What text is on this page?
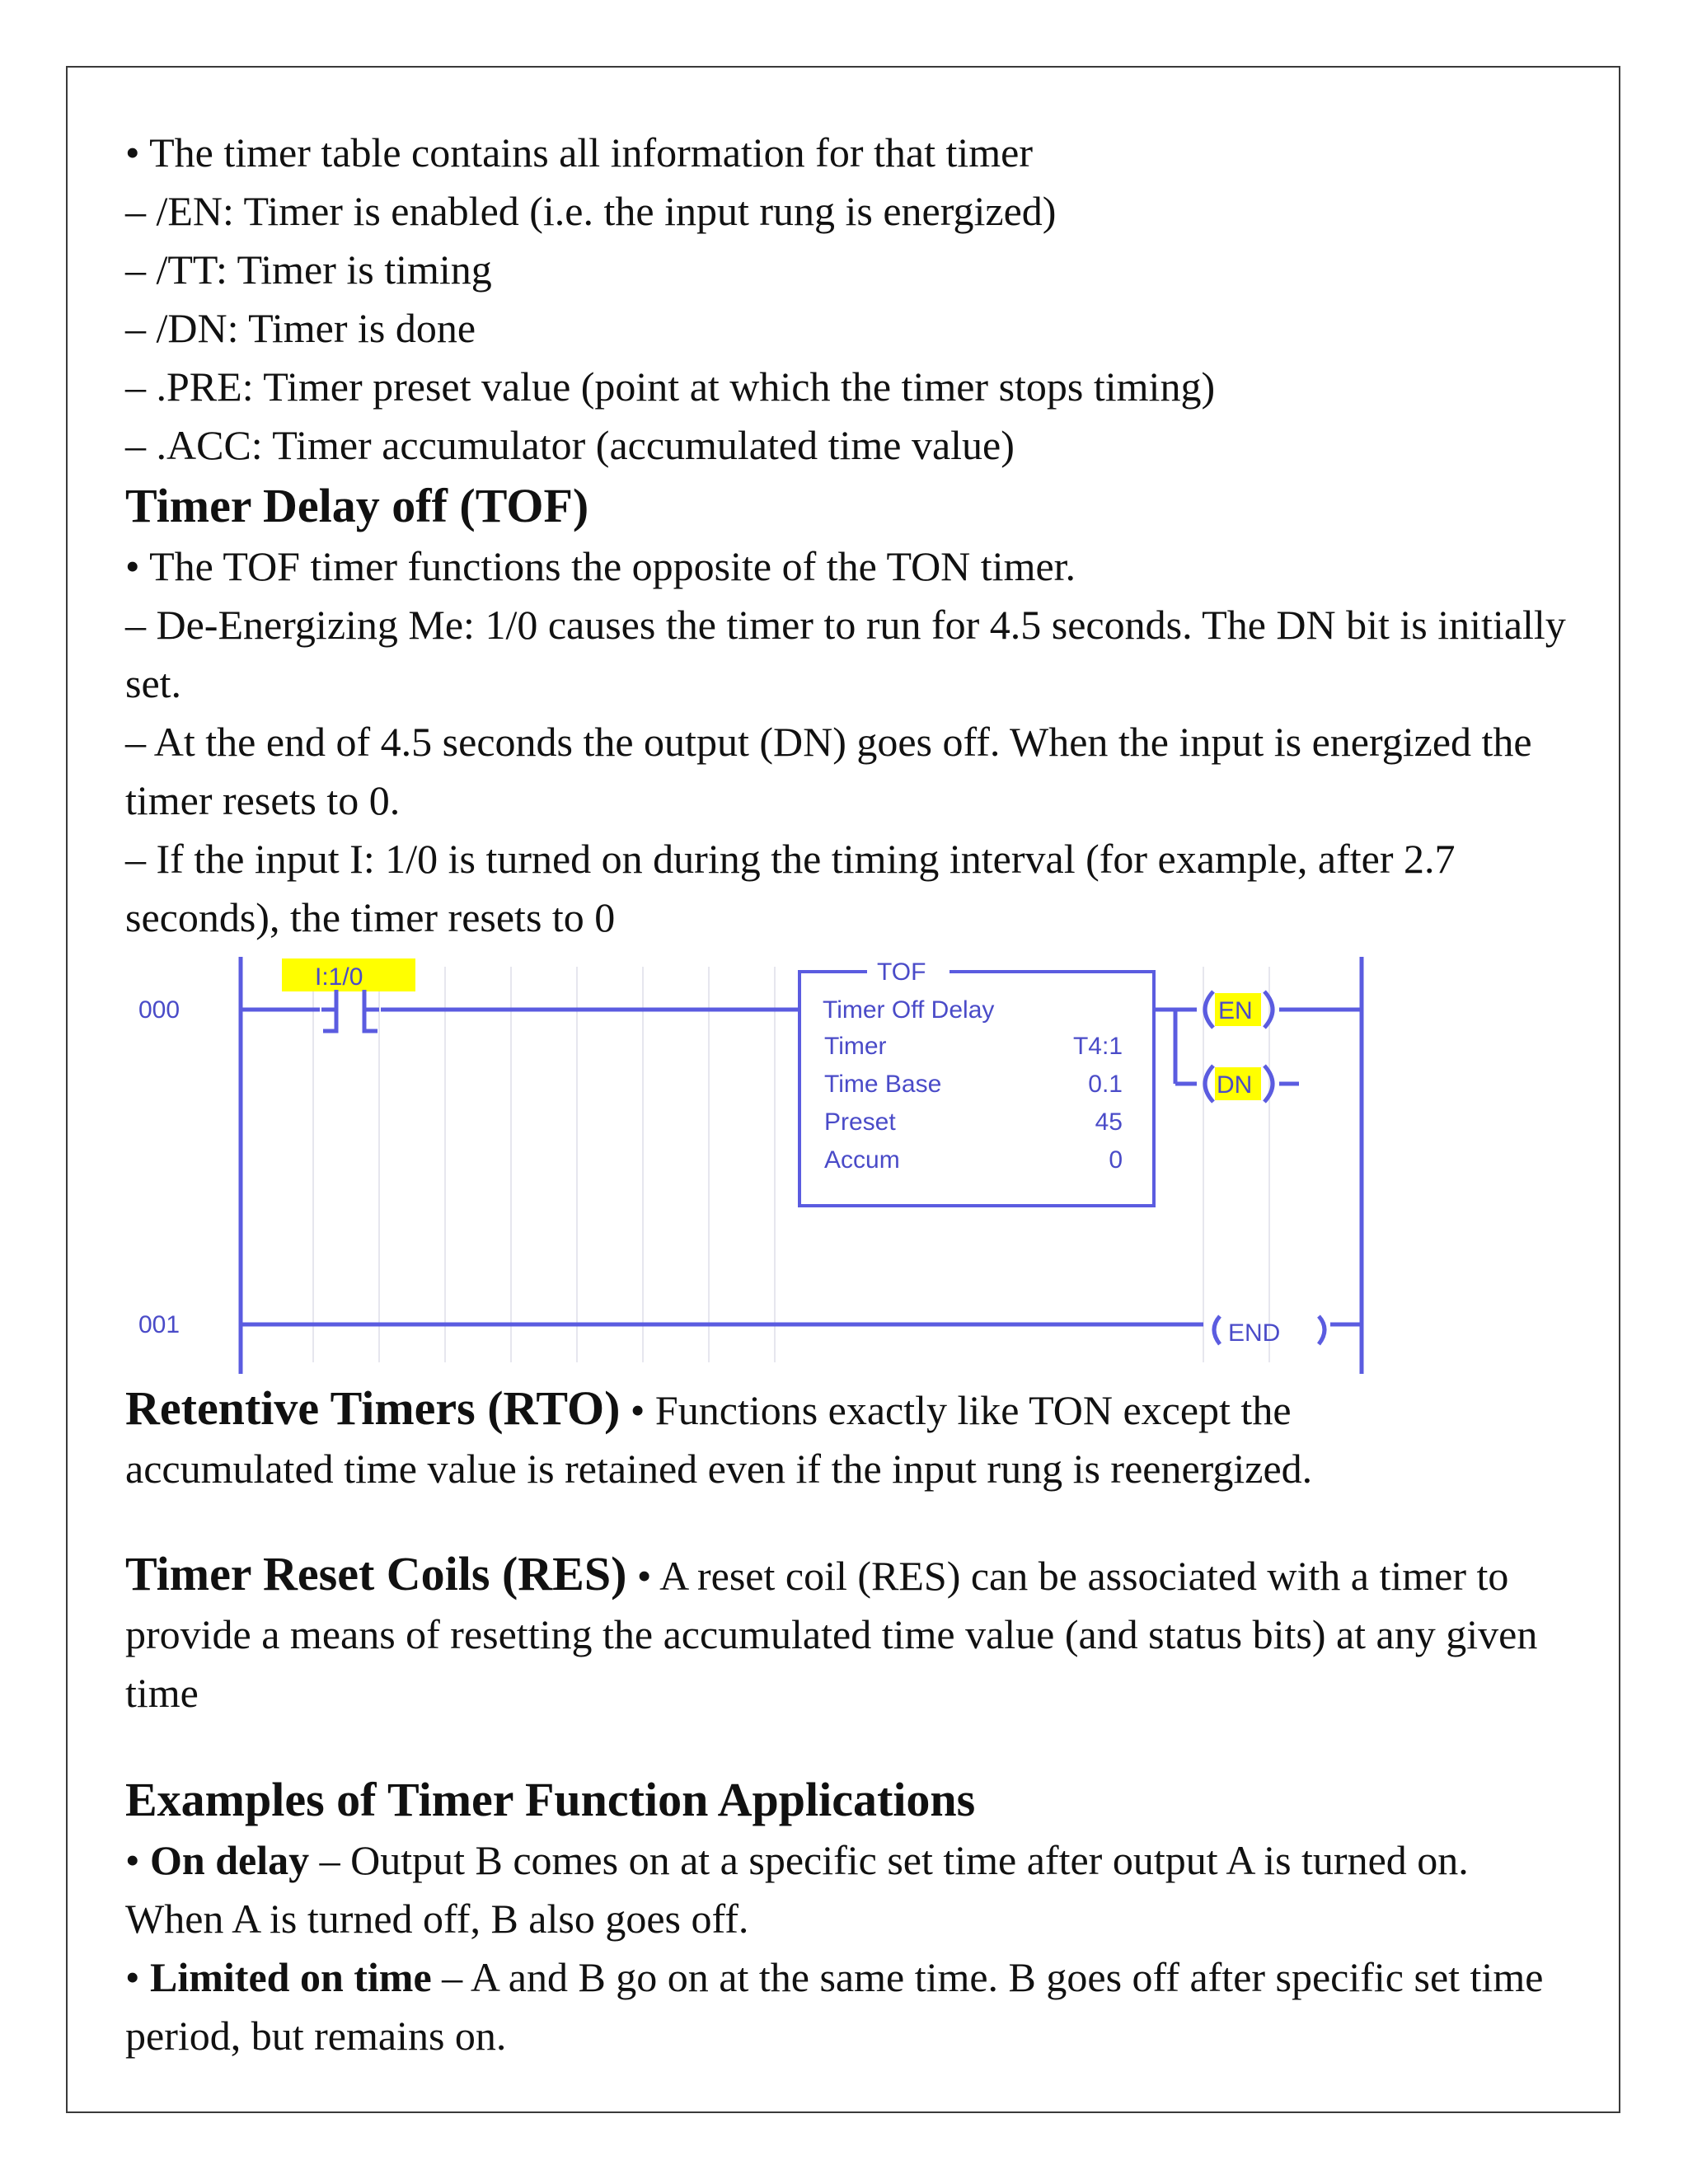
• The timer table contains all information for that timer

– /EN: Timer is enabled (i.e. the input rung is energized)

– /TT: Timer is timing

– /DN: Timer is done

– .PRE: Timer preset value (point at which the timer stops timing)

– .ACC: Timer accumulator (accumulated time value)

Timer Delay off (TOF)

• The TOF timer functions the opposite of the TON timer.

– De-Energizing Me: 1/0 causes the timer to run for 4.5 seconds. The DN bit is initially set.

– At the end of 4.5 seconds the output (DN) goes off. When the input is energized the timer resets to 0.

– If the input I: 1/0 is turned on during the timing interval (for example, after 2.7 seconds), the timer resets to 0

000
001
I:1/0	TOF
Timer Off Delay
Timer	T4:1
Time Base	0.1
Preset	45
Accum	0
EN
DN
END

Retentive Timers (RTO) • Functions exactly like TON except the

accumulated time value is retained even if the input rung is reenergized.

Timer Reset Coils (RES) • A reset coil (RES) can be associated with a timer to provide a means of resetting the accumulated time value (and status bits) at any given time

Examples of Timer Function Applications

• On delay – Output B comes on at a specific set time after output A is turned on. When A is turned off, B also goes off.

• Limited on time – A and B go on at the same time. B goes off after specific set time period, but remains on.
